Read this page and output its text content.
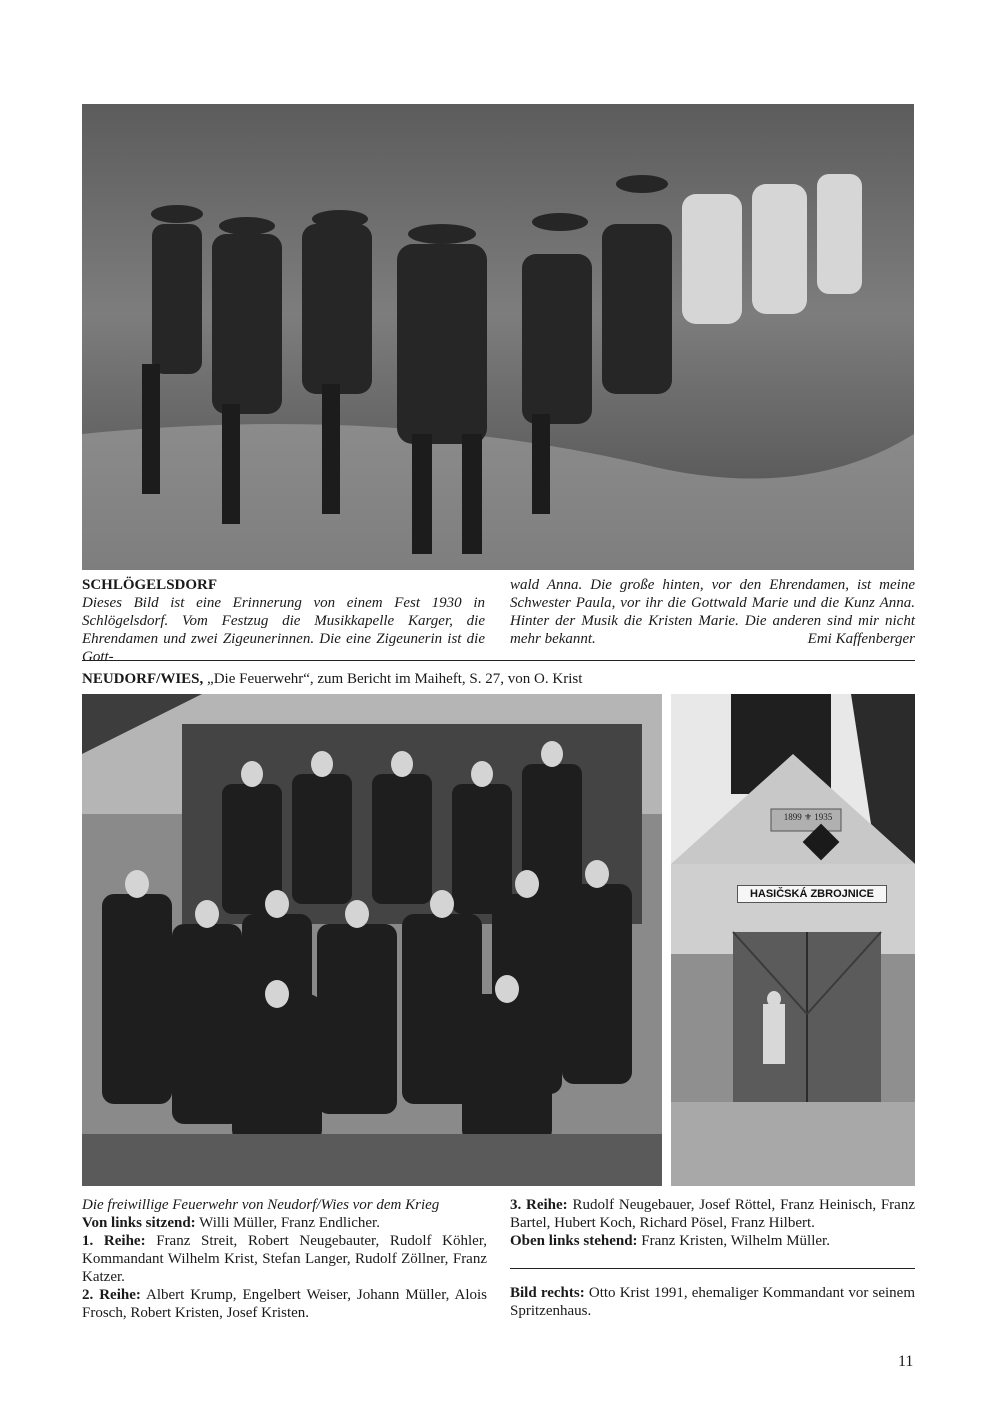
SCHLÖGELSDORF
Dieses Bild ist eine Erinnerung von einem Fest 1930 in Schlögelsdorf. Vom Festzug die Musikkapelle Karger, die Ehrendamen und zwei Zigeunerinnen. Die eine Zigeunerin ist die Gott-
wald Anna. Die große hinten, vor den Ehrendamen, ist meine Schwester Paula, vor ihr die Gottwald Marie und die Kunz Anna. Hinter der Musik die Kristen Marie. Die anderen sind mir nicht mehr bekannt.	Emi Kaffenberger
NEUDORF/WIES, „Die Feuerwehr“, zum Bericht im Maiheft, S. 27, von O. Krist
HASIČSKÁ ZBROJNICE
1899 ⚜ 1935
Die freiwillige Feuerwehr von Neudorf/Wies vor dem Krieg
Von links sitzend: Willi Müller, Franz Endlicher.
1. Reihe: Franz Streit, Robert Neugebauter, Rudolf Köhler, Kommandant Wilhelm Krist, Stefan Langer, Rudolf Zöllner, Franz Katzer.
2. Reihe: Albert Krump, Engelbert Weiser, Johann Müller, Alois Frosch, Robert Kristen, Josef Kristen.
3. Reihe: Rudolf Neugebauer, Josef Röttel, Franz Heinisch, Franz Bartel, Hubert Koch, Richard Pösel, Franz Hilbert.
Oben links stehend: Franz Kristen, Wilhelm Müller.
Bild rechts: Otto Krist 1991, ehemaliger Kommandant vor seinem Spritzenhaus.
11
